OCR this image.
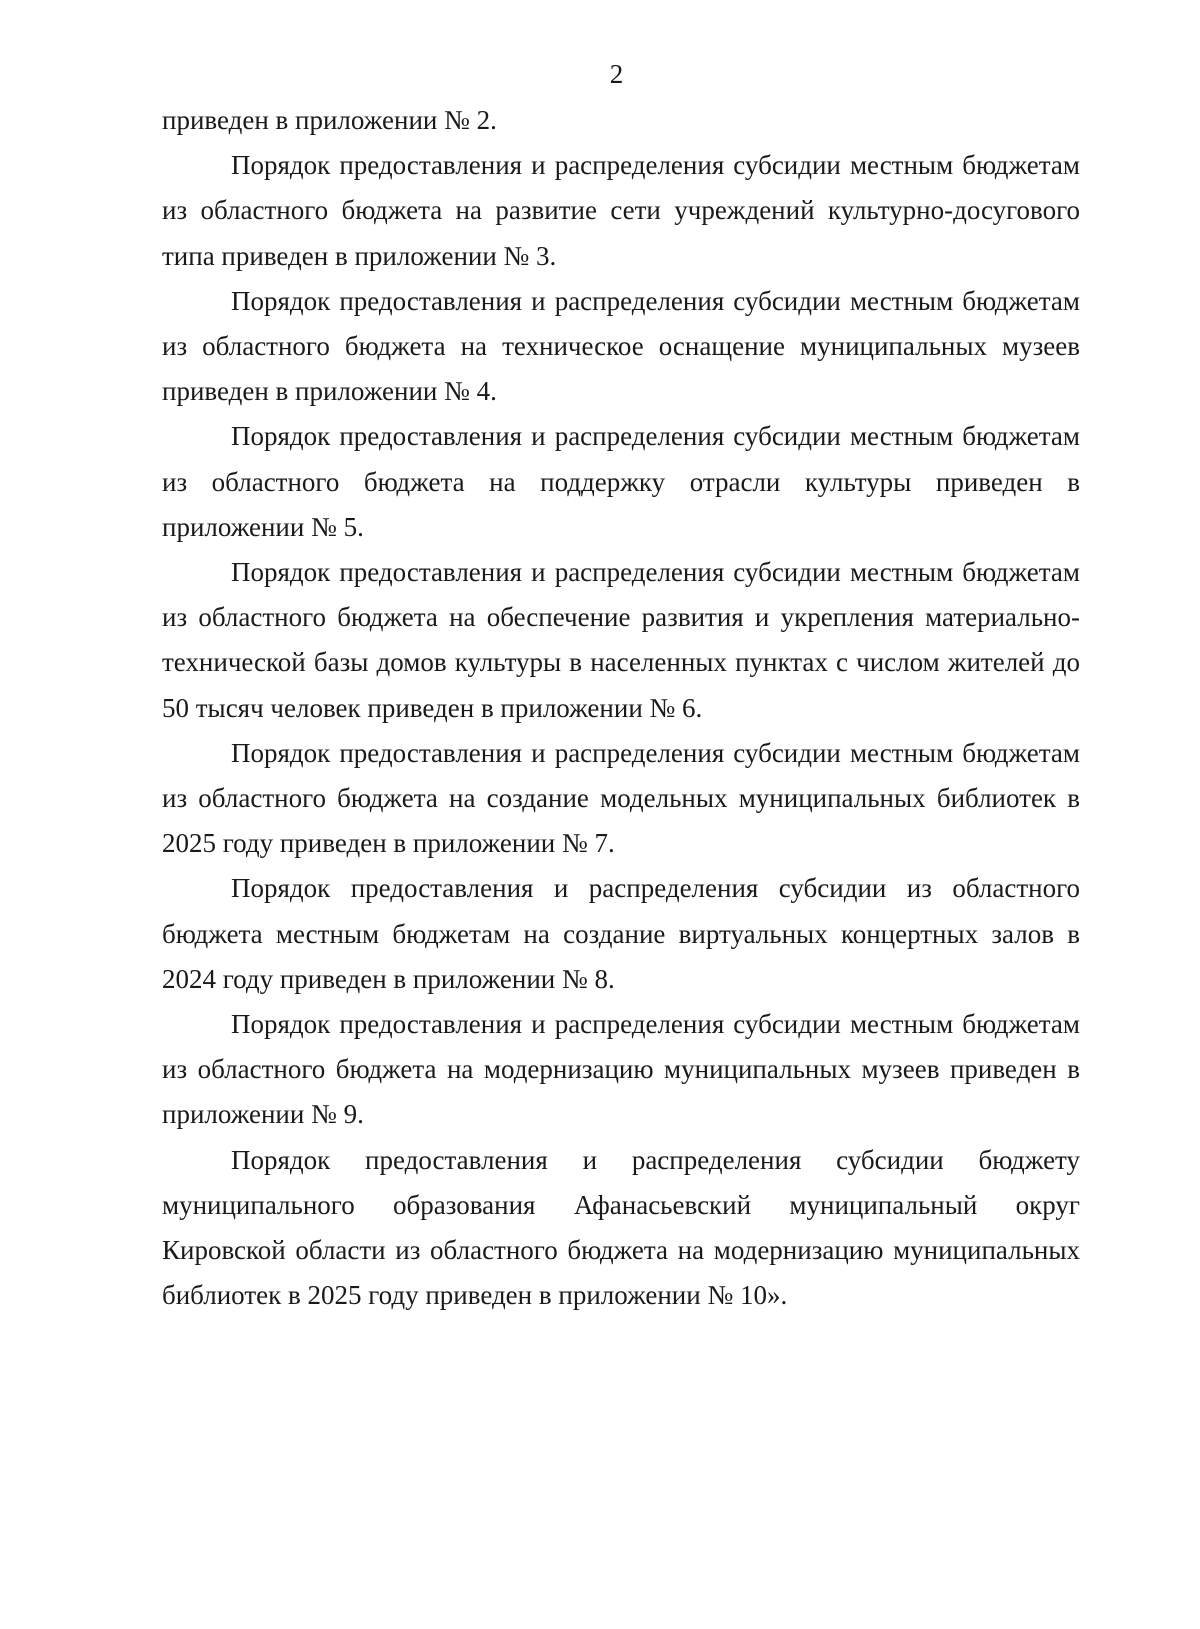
2

приведен в приложении № 2.

Порядок предоставления и распределения субсидии местным бюджетам из областного бюджета на развитие сети учреждений культурно-досугового типа приведен в приложении № 3.

Порядок предоставления и распределения субсидии местным бюджетам из областного бюджета на техническое оснащение муниципальных музеев приведен в приложении № 4.

Порядок предоставления и распределения субсидии местным бюджетам из областного бюджета на поддержку отрасли культуры приведен в приложении № 5.

Порядок предоставления и распределения субсидии местным бюджетам из областного бюджета на обеспечение развития и укрепления материально-технической базы домов культуры в населенных пунктах с числом жителей до 50 тысяч человек приведен в приложении № 6.

Порядок предоставления и распределения субсидии местным бюджетам из областного бюджета на создание модельных муниципальных библиотек в 2025 году приведен в приложении № 7.

Порядок предоставления и распределения субсидии из областного бюджета местным бюджетам на создание виртуальных концертных залов в 2024 году приведен в приложении № 8.

Порядок предоставления и распределения субсидии местным бюджетам из областного бюджета на модернизацию муниципальных музеев приведен в приложении № 9.

Порядок предоставления и распределения субсидии бюджету муниципального образования Афанасьевский муниципальный округ Кировской области из областного бюджета на модернизацию муниципальных библиотек в 2025 году приведен в приложении № 10».
